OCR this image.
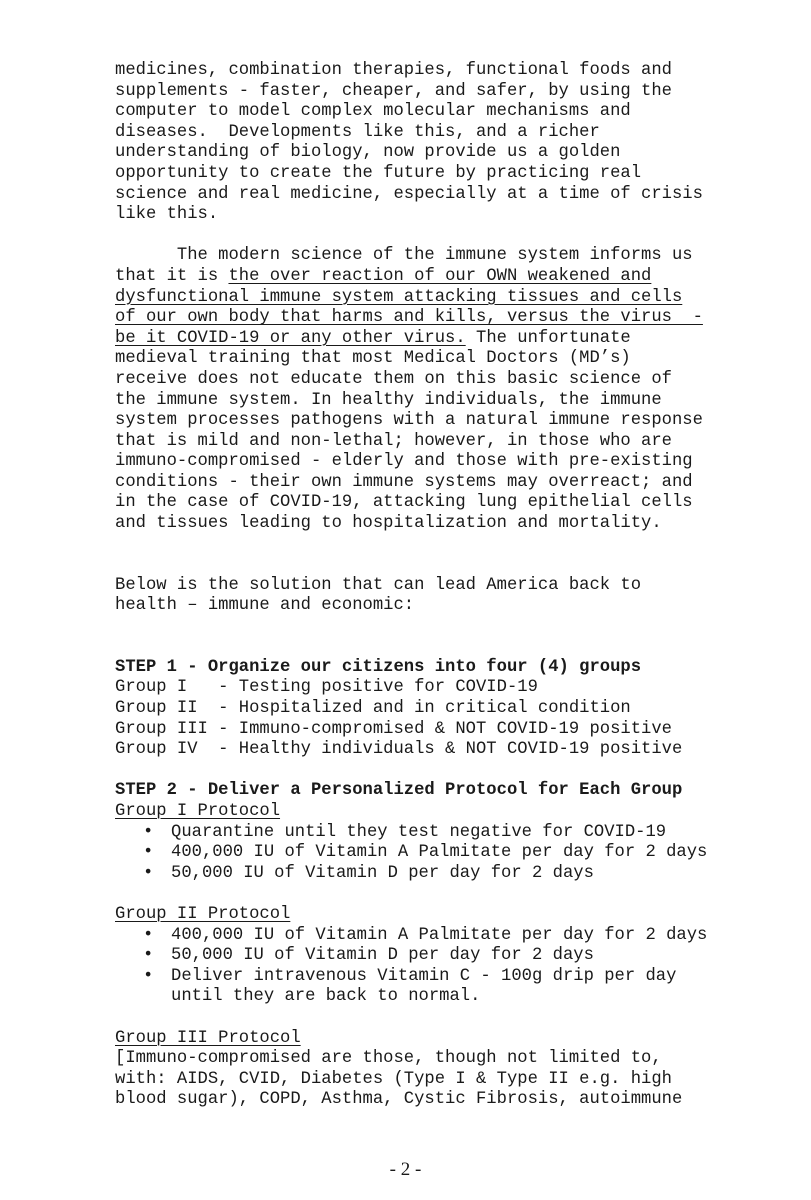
medicines, combination therapies, functional foods and

supplements - faster, cheaper, and safer, by using the

computer to model complex molecular mechanisms and

diseases.  Developments like this, and a richer

understanding of biology, now provide us a golden

opportunity to create the future by practicing real

science and real medicine, especially at a time of crisis

like this.

The modern science of the immune system informs us

that it is the over reaction of our OWN weakened and

dysfunctional immune system attacking tissues and cells

of our own body that harms and kills, versus the virus  -

be it COVID-19 or any other virus. The unfortunate

medieval training that most Medical Doctors (MD’s)

receive does not educate them on this basic science of

the immune system. In healthy individuals, the immune

system processes pathogens with a natural immune response

that is mild and non-lethal; however, in those who are

immuno-compromised - elderly and those with pre-existing

conditions - their own immune systems may overreact; and

in the case of COVID-19, attacking lung epithelial cells

and tissues leading to hospitalization and mortality.

Below is the solution that can lead America back to

health – immune and economic:

STEP 1 - Organize our citizens into four (4) groups

Group I   - Testing positive for COVID-19

Group II  - Hospitalized and in critical condition

Group III - Immuno-compromised & NOT COVID-19 positive

Group IV  - Healthy individuals & NOT COVID-19 positive

STEP 2 - Deliver a Personalized Protocol for Each Group

Group I Protocol

• Quarantine until they test negative for COVID-19
• 400,000 IU of Vitamin A Palmitate per day for 2 days
• 50,000 IU of Vitamin D per day for 2 days

Group II Protocol

• 400,000 IU of Vitamin A Palmitate per day for 2 days
• 50,000 IU of Vitamin D per day for 2 days
• Deliver intravenous Vitamin C - 100g drip per day
until they are back to normal.

Group III Protocol

[Immuno-compromised are those, though not limited to,

with: AIDS, CVID, Diabetes (Type I & Type II e.g. high

blood sugar), COPD, Asthma, Cystic Fibrosis, autoimmune

- 2 -
